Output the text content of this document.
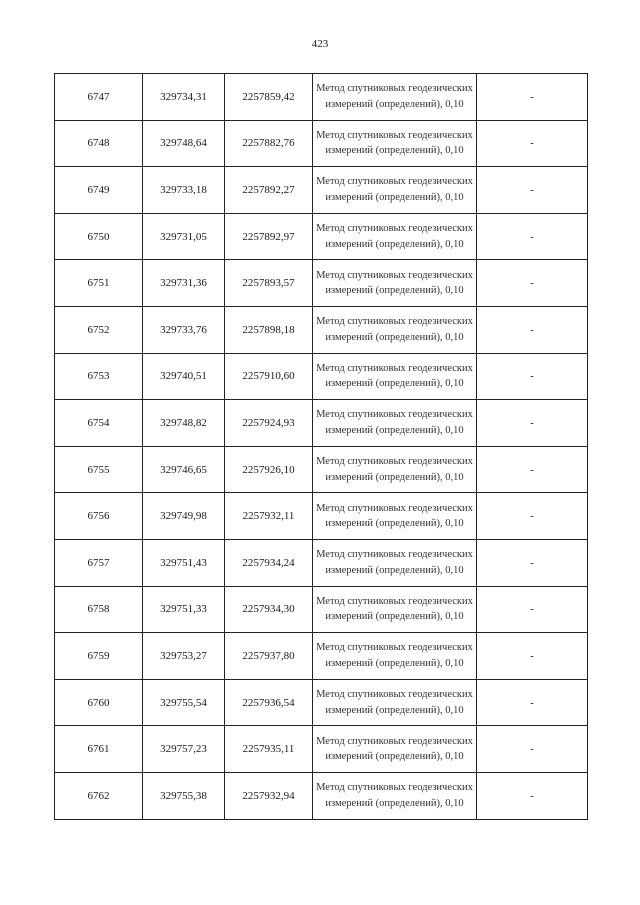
423
6747	329734,31	2257859,42	Метод спутниковых геодезических измерений (определений), 0,10	-
6748	329748,64	2257882,76	Метод спутниковых геодезических измерений (определений), 0,10	-
6749	329733,18	2257892,27	Метод спутниковых геодезических измерений (определений), 0,10	-
6750	329731,05	2257892,97	Метод спутниковых геодезических измерений (определений), 0,10	-
6751	329731,36	2257893,57	Метод спутниковых геодезических измерений (определений), 0,10	-
6752	329733,76	2257898,18	Метод спутниковых геодезических измерений (определений), 0,10	-
6753	329740,51	2257910,60	Метод спутниковых геодезических измерений (определений), 0,10	-
6754	329748,82	2257924,93	Метод спутниковых геодезических измерений (определений), 0,10	-
6755	329746,65	2257926,10	Метод спутниковых геодезических измерений (определений), 0,10	-
6756	329749,98	2257932,11	Метод спутниковых геодезических измерений (определений), 0,10	-
6757	329751,43	2257934,24	Метод спутниковых геодезических измерений (определений), 0,10	-
6758	329751,33	2257934,30	Метод спутниковых геодезических измерений (определений), 0,10	-
6759	329753,27	2257937,80	Метод спутниковых геодезических измерений (определений), 0,10	-
6760	329755,54	2257936,54	Метод спутниковых геодезических измерений (определений), 0,10	-
6761	329757,23	2257935,11	Метод спутниковых геодезических измерений (определений), 0,10	-
6762	329755,38	2257932,94	Метод спутниковых геодезических измерений (определений), 0,10	-
